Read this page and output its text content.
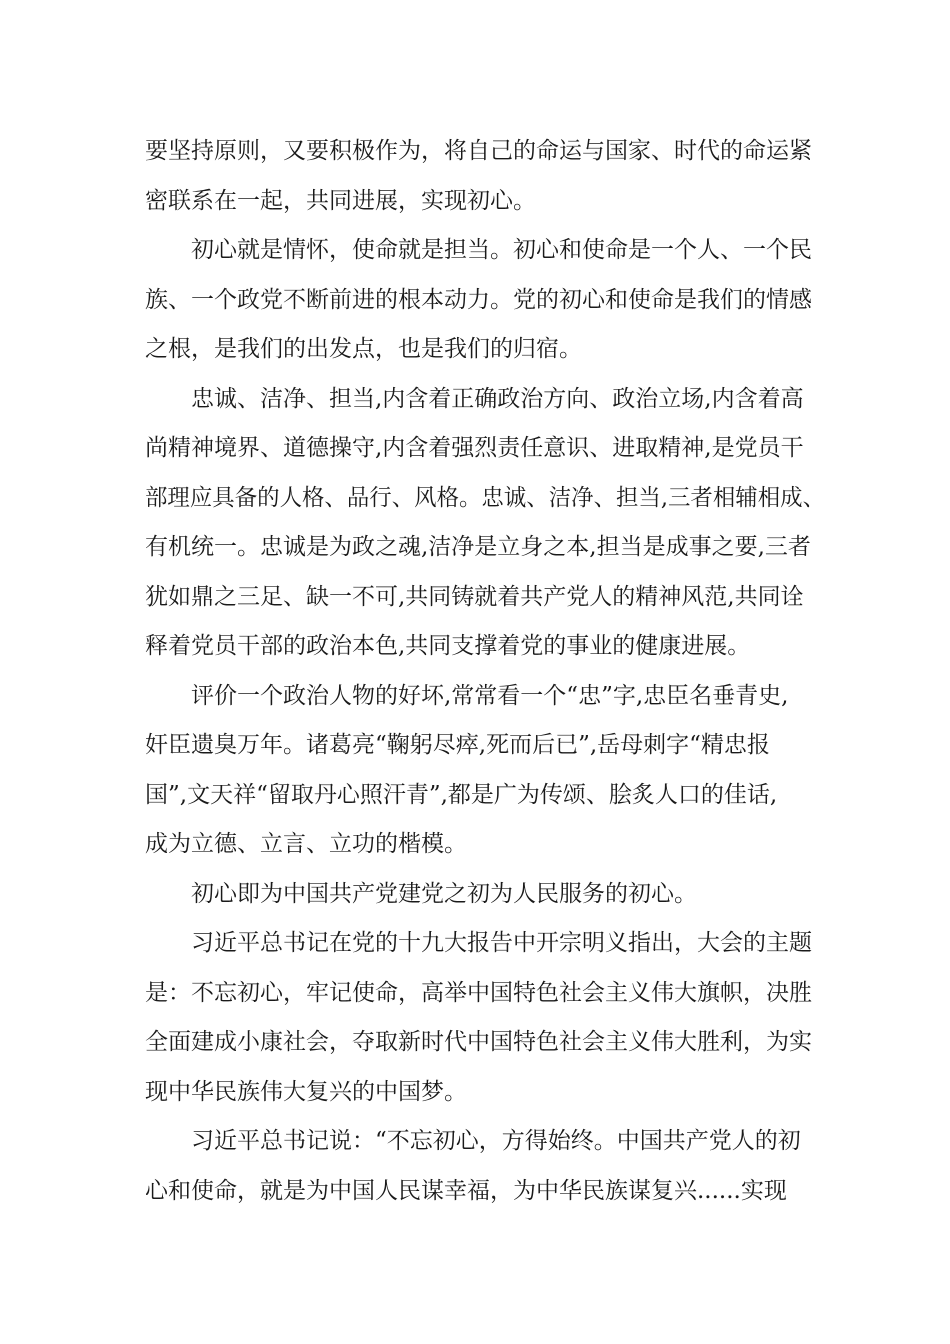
要坚持原则，又要积极作为，将自己的命运与国家、时代的命运紧
密联系在一起，共同进展，实现初心。
初心就是情怀，使命就是担当。初心和使命是一个人、一个民
族、一个政党不断前进的根本动力。党的初心和使命是我们的情感
之根，是我们的出发点，也是我们的归宿。
忠诚、洁净、担当,内含着正确政治方向、政治立场,内含着高
尚精神境界、道德操守,内含着强烈责任意识、进取精神,是党员干
部理应具备的人格、品行、风格。忠诚、洁净、担当,三者相辅相成、
有机统一。忠诚是为政之魂,洁净是立身之本,担当是成事之要,三者
犹如鼎之三足、缺一不可,共同铸就着共产党人的精神风范,共同诠
释着党员干部的政治本色,共同支撑着党的事业的健康进展。
评价一个政治人物的好坏,常常看一个“忠”字,忠臣名垂青史,
奸臣遗臭万年。诸葛亮“鞠躬尽瘁,死而后已”,岳母刺字“精忠报
国”,文天祥“留取丹心照汗青”,都是广为传颂、脍炙人口的佳话,
成为立德、立言、立功的楷模。
初心即为中国共产党建党之初为人民服务的初心。
习近平总书记在党的十九大报告中开宗明义指出，大会的主题
是：不忘初心，牢记使命，高举中国特色社会主义伟大旗帜，决胜
全面建成小康社会，夺取新时代中国特色社会主义伟大胜利，为实
现中华民族伟大复兴的中国梦。
习近平总书记说：“不忘初心，方得始终。中国共产党人的初
心和使命，就是为中国人民谋幸福，为中华民族谋复兴......实现
